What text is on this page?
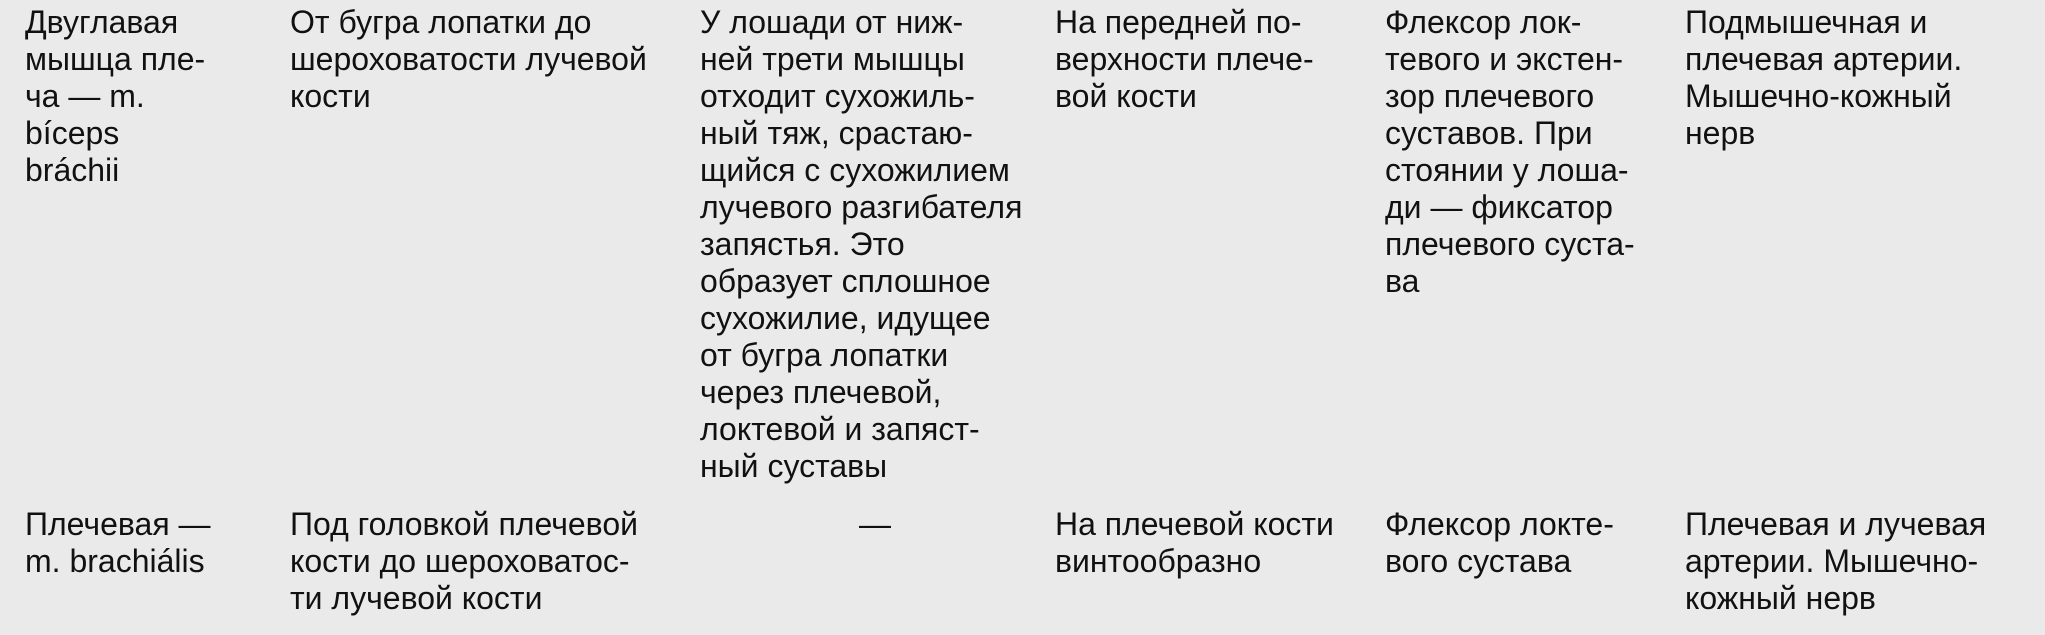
Двуглавая
мышца пле-
ча — m. bíceps
bráchii
От бугра лопатки до
шероховатости лучевой
кости
У лошади от ниж-
ней трети мышцы
отходит сухожиль-
ный тяж, срастаю-
щийся с сухожилием
лучевого разгибателя
запястья. Это
образует сплошное
сухожилие, идущее
от бугра лопатки
через плечевой,
локтевой и запяст-
ный суставы
На передней по-
верхности плече-
вой кости
Флексор лок-
тевого и экстен-
зор плечевого
суставов. При
стоянии у лоша-
ди — фиксатор
плечевого суста-
ва
Подмышечная и
плечевая артерии.
Мышечно-кожный
нерв
Плечевая —
m. brachiális
Под головкой плечевой
кости до шероховатос-
ти лучевой кости
—	На плечевой кости
винтообразно
Флексор локте-
вого сустава
Плечевая и лучевая
артерии. Мышечно-
кожный нерв
